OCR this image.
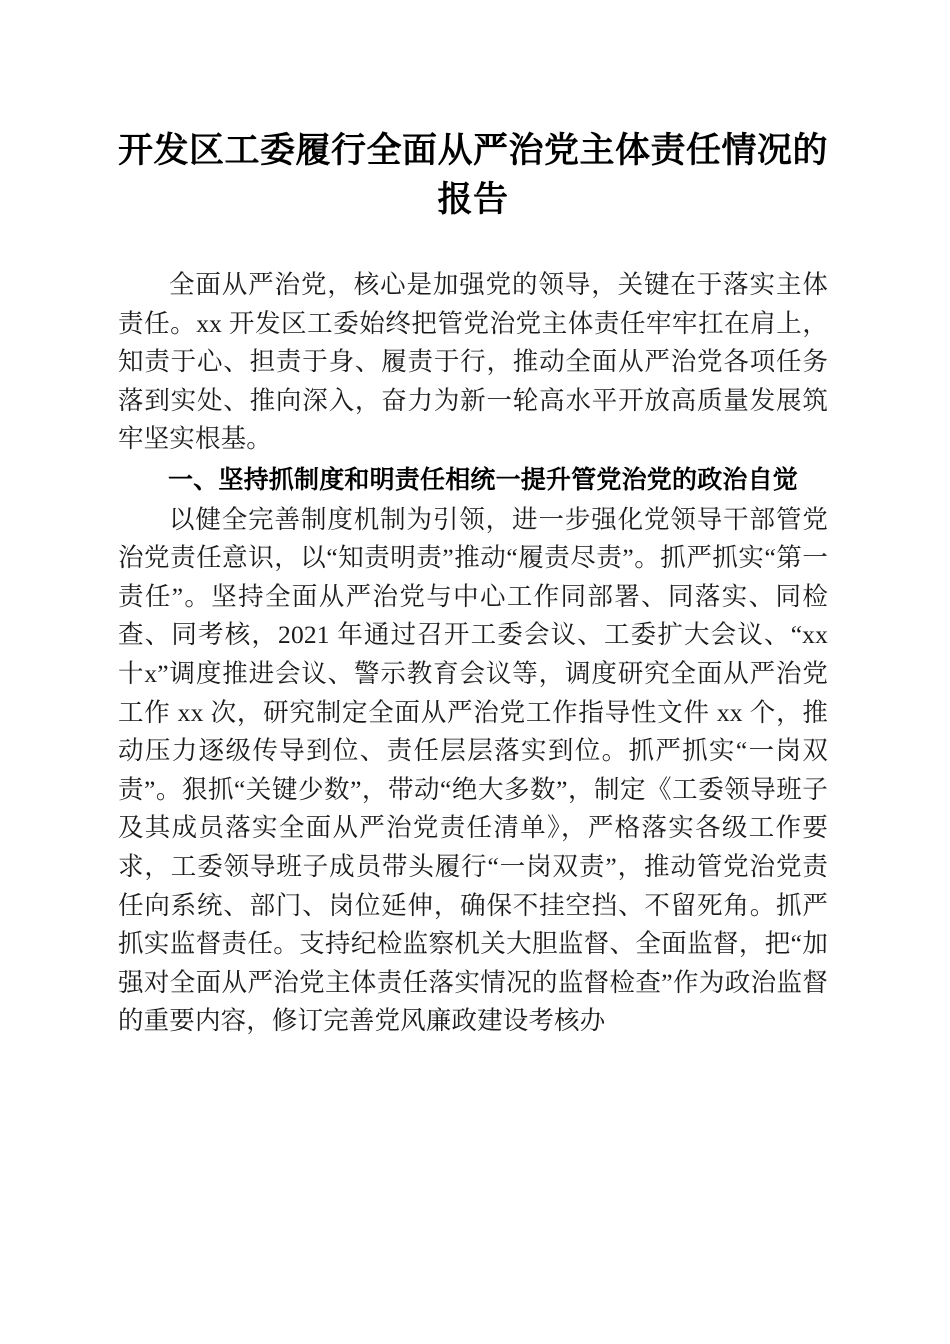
开发区工委履行全面从严治党主体责任情况的报告

全面从严治党，核心是加强党的领导，关键在于落实主体责任。xx 开发区工委始终把管党治党主体责任牢牢扛在肩上，知责于心、担责于身、履责于行，推动全面从严治党各项任务落到实处、推向深入，奋力为新一轮高水平开放高质量发展筑牢坚实根基。

一、坚持抓制度和明责任相统一提升管党治党的政治自觉

以健全完善制度机制为引领，进一步强化党领导干部管党治党责任意识，以“知责明责”推动“履责尽责”。抓严抓实“第一责任”。坚持全面从严治党与中心工作同部署、同落实、同检查、同考核，2021 年通过召开工委会议、工委扩大会议、“xx十x”调度推进会议、警示教育会议等，调度研究全面从严治党工作 xx 次，研究制定全面从严治党工作指导性文件 xx 个，推动压力逐级传导到位、责任层层落实到位。抓严抓实“一岗双责”。狠抓“关键少数”，带动“绝大多数”，制定《工委领导班子及其成员落实全面从严治党责任清单》，严格落实各级工作要求，工委领导班子成员带头履行“一岗双责”，推动管党治党责任向系统、部门、岗位延伸，确保不挂空挡、不留死角。抓严抓实监督责任。支持纪检监察机关大胆监督、全面监督，把“加强对全面从严治党主体责任落实情况的监督检查”作为政治监督的重要内容，修订完善党风廉政建设考核办
